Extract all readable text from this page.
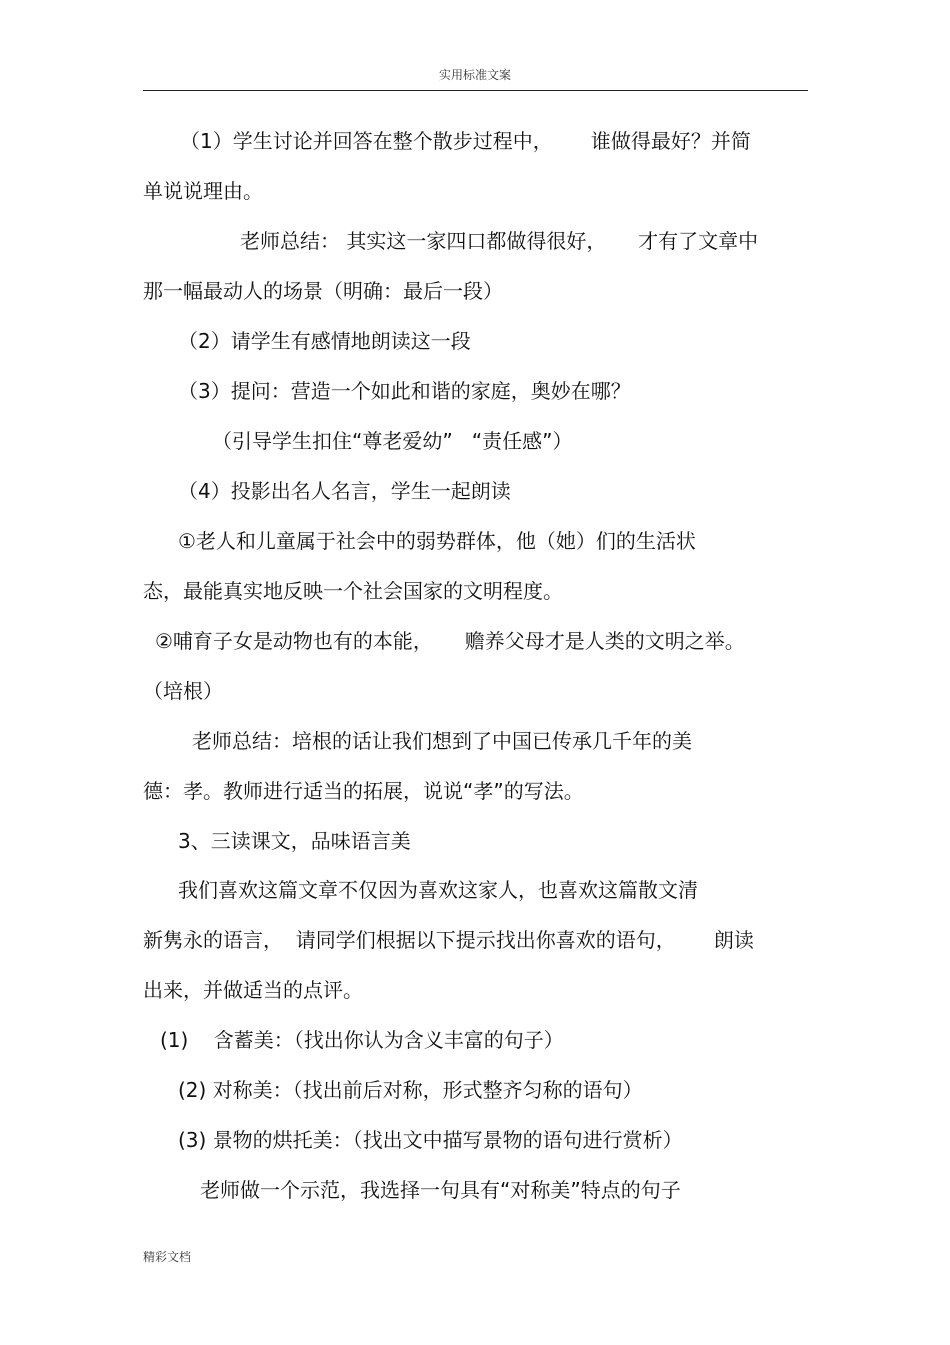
实用标准文案
（1）学生讨论并回答在整个散步过程中，      谁做得最好？并简
单说说理由。
老师总结： 其实这一家四口都做得很好，     才有了文章中
那一幅最动人的场景（明确：最后一段）
（2）请学生有感情地朗读这一段
（3）提问：营造一个如此和谐的家庭，奥妙在哪？
（引导学生扣住“尊老爱幼”   “责任感”）
（4）投影出名人名言，学生一起朗读
①老人和儿童属于社会中的弱势群体，他（她）们的生活状
态，最能真实地反映一个社会国家的文明程度。
②哺育子女是动物也有的本能，     赡养父母才是人类的文明之举。
（培根）
老师总结：培根的话让我们想到了中国已传承几千年的美
德：孝。教师进行适当的拓展，说说“孝”的写法。
3、三读课文，品味语言美
我们喜欢这篇文章不仅因为喜欢这家人，也喜欢这篇散文清
新隽永的语言，  请同学们根据以下提示找出你喜欢的语句，      朗读
出来，并做适当的点评。
(1)    含蓄美：（找出你认为含义丰富的句子）
(2) 对称美：（找出前后对称，形式整齐匀称的语句）
(3) 景物的烘托美：（找出文中描写景物的语句进行赏析）
老师做一个示范，我选择一句具有“对称美”特点的句子
精彩文档
